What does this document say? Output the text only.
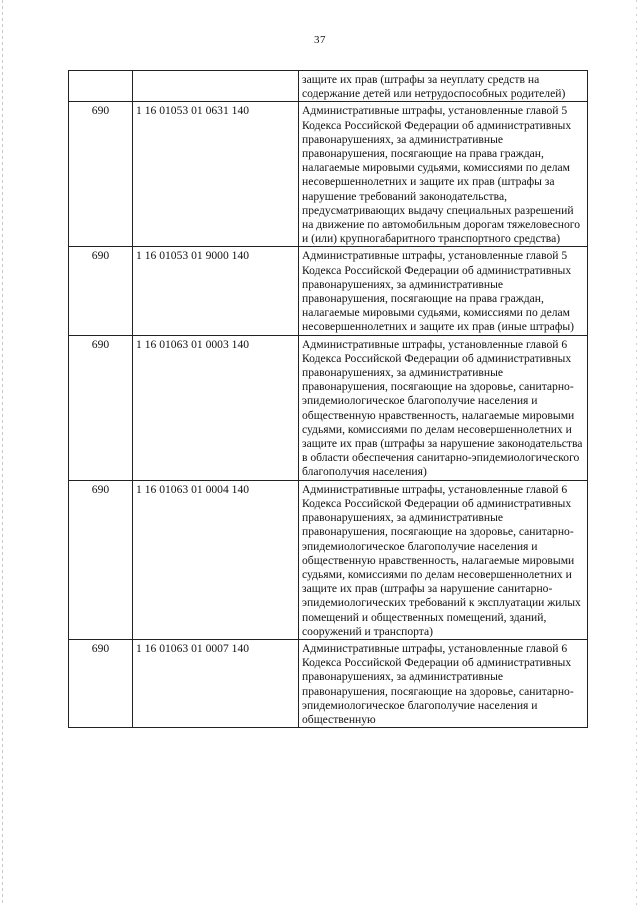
37
		защите их прав (штрафы за неуплату средств на содержание детей или нетрудоспособных родителей)
690	1 16 01053 01 0631 140	Административные штрафы, установленные главой 5 Кодекса Российской Федерации об административных правонарушениях, за административные правонарушения, посягающие на права граждан, налагаемые мировыми судьями, комиссиями по делам несовершеннолетних и защите их прав (штрафы за нарушение требований законодательства, предусматривающих выдачу специальных разрешений на движение по автомобильным дорогам тяжеловесного и (или) крупногабаритного транспортного средства)
690	1 16 01053 01 9000 140	Административные штрафы, установленные главой 5 Кодекса Российской Федерации об административных правонарушениях, за административные правонарушения, посягающие на права граждан, налагаемые мировыми судьями, комиссиями по делам несовершеннолетних и защите их прав (иные штрафы)
690	1 16 01063 01 0003 140	Административные штрафы, установленные главой 6 Кодекса Российской Федерации об административных правонарушениях, за административные правонарушения, посягающие на здоровье, санитарно-эпидемиологическое благополучие населения и общественную нравственность, налагаемые мировыми судьями, комиссиями по делам несовершеннолетних и защите их прав (штрафы за нарушение законодательства в области обеспечения санитарно-эпидемиологического благополучия населения)
690	1 16 01063 01 0004 140	Административные штрафы, установленные главой 6 Кодекса Российской Федерации об административных правонарушениях, за административные правонарушения, посягающие на здоровье, санитарно-эпидемиологическое благополучие населения и общественную нравственность, налагаемые мировыми судьями, комиссиями по делам несовершеннолетних и защите их прав (штрафы за нарушение санитарно-эпидемиологических требований к эксплуатации жилых помещений и общественных помещений, зданий, сооружений и транспорта)
690	1 16 01063 01 0007 140	Административные штрафы, установленные главой 6 Кодекса Российской Федерации об административных правонарушениях, за административные правонарушения, посягающие на здоровье, санитарно-эпидемиологическое благополучие населения и общественную
